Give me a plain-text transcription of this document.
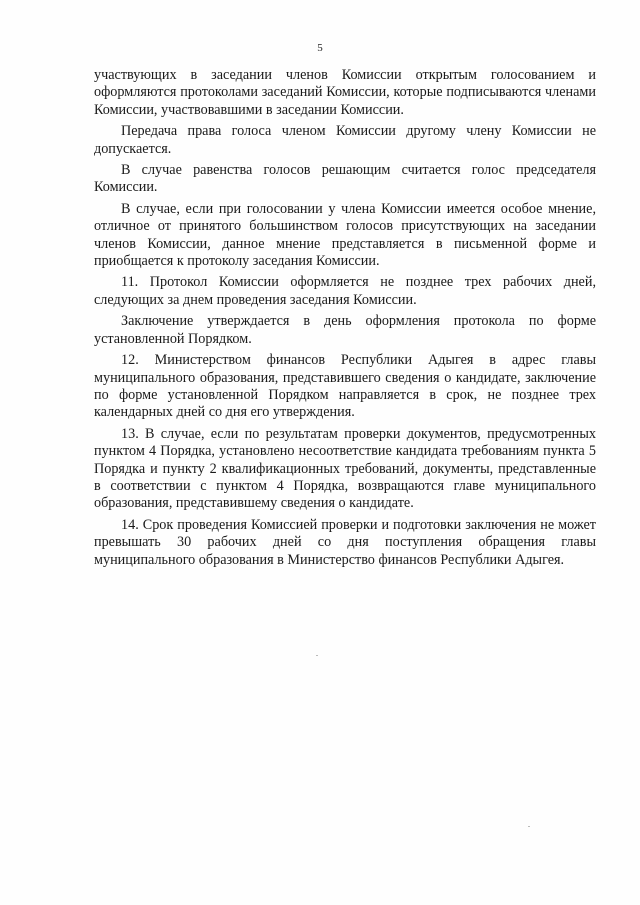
5

участвующих в заседании членов Комиссии открытым голосованием и оформляются протоколами заседаний Комиссии, которые подписываются членами Комиссии, участвовавшими в заседании Комиссии.

Передача права голоса членом Комиссии другому члену Комиссии не допускается.

В случае равенства голосов решающим считается голос председателя Комиссии.

В случае, если при голосовании у члена Комиссии имеется особое мнение, отличное от принятого большинством голосов присутствующих на заседании членов Комиссии, данное мнение представляется в письменной форме и приобщается к протоколу заседания Комиссии.

11. Протокол Комиссии оформляется не позднее трех рабочих дней, следующих за днем проведения заседания Комиссии.

Заключение утверждается в день оформления протокола по форме установленной Порядком.

12. Министерством финансов Республики Адыгея в адрес главы муниципального образования, представившего сведения о кандидате, заключение по форме установленной Порядком направляется в срок, не позднее трех календарных дней со дня его утверждения.

13. В случае, если по результатам проверки документов, предусмотренных пунктом 4 Порядка, установлено несоответствие кандидата требованиям пункта 5 Порядка и пункту 2 квалификационных требований, документы, представленные в соответствии с пунктом 4 Порядка, возвращаются главе муниципального образования, представившему сведения о кандидате.

14. Срок проведения Комиссией проверки и подготовки заключения не может превышать 30 рабочих дней со дня поступления обращения главы муниципального образования в Министерство финансов Республики Адыгея.
